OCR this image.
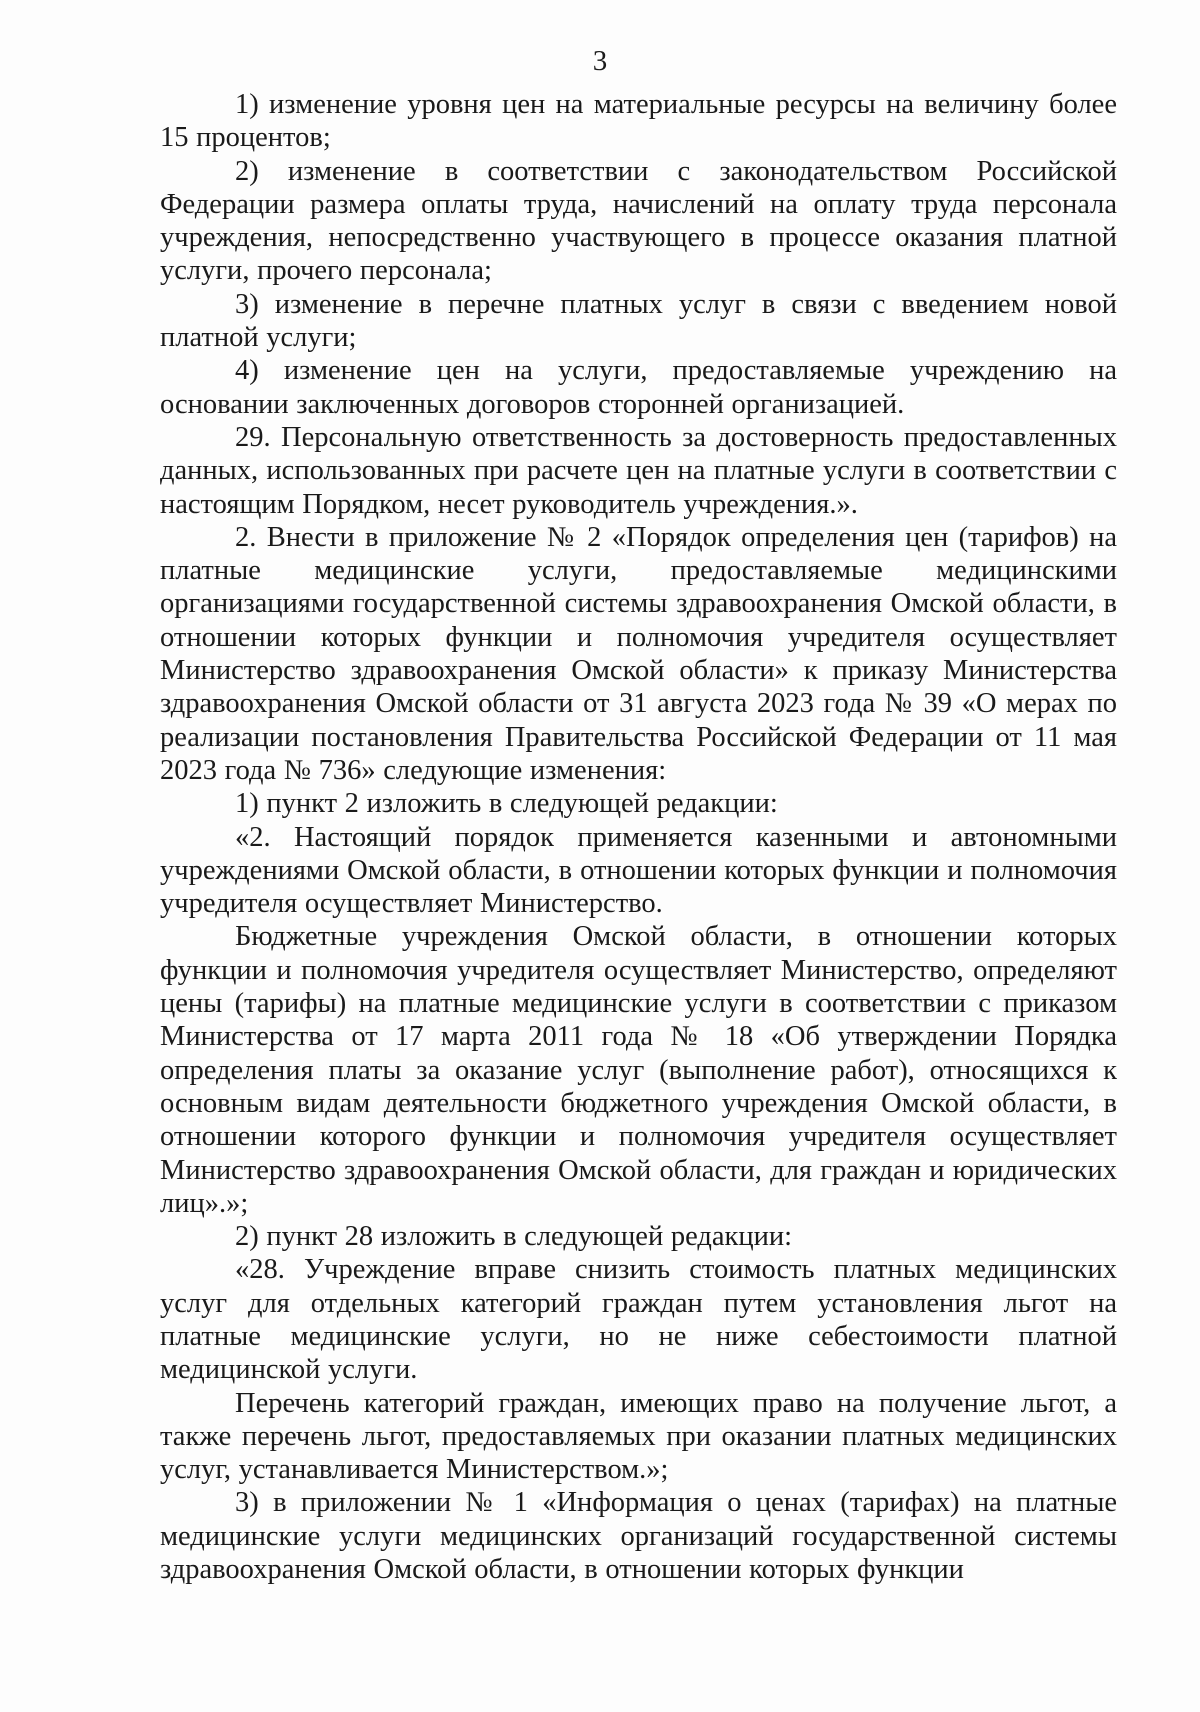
3

1) изменение уровня цен на материальные ресурсы на величину более 15 процентов;

2) изменение в соответствии с законодательством Российской Федерации размера оплаты труда, начислений на оплату труда персонала учреждения, непосредственно участвующего в процессе оказания платной услуги, прочего персонала;

3) изменение в перечне платных услуг в связи с введением новой платной услуги;

4) изменение цен на услуги, предоставляемые учреждению на основании заключенных договоров сторонней организацией.

29. Персональную ответственность за достоверность предоставленных данных, использованных при расчете цен на платные услуги в соответствии с настоящим Порядком, несет руководитель учреждения.».

2. Внести в приложение № 2 «Порядок определения цен (тарифов) на платные медицинские услуги, предоставляемые медицинскими организациями государственной системы здравоохранения Омской области, в отношении которых функции и полномочия учредителя осуществляет Министерство здравоохранения Омской области» к приказу Министерства здравоохранения Омской области от 31 августа 2023 года № 39 «О мерах по реализации постановления Правительства Российской Федерации от 11 мая 2023 года № 736» следующие изменения:

1) пункт 2 изложить в следующей редакции:

«2. Настоящий порядок применяется казенными и автономными учреждениями Омской области, в отношении которых функции и полномочия учредителя осуществляет Министерство.

Бюджетные учреждения Омской области, в отношении которых функции и полномочия учредителя осуществляет Министерство, определяют цены (тарифы) на платные медицинские услуги в соответствии с приказом Министерства от 17 марта 2011 года № 18 «Об утверждении Порядка определения платы за оказание услуг (выполнение работ), относящихся к основным видам деятельности бюджетного учреждения Омской области, в отношении которого функции и полномочия учредителя осуществляет Министерство здравоохранения Омской области, для граждан и юридических лиц».»;

2) пункт 28 изложить в следующей редакции:

«28. Учреждение вправе снизить стоимость платных медицинских услуг для отдельных категорий граждан путем установления льгот на платные медицинские услуги, но не ниже себестоимости платной медицинской услуги.

Перечень категорий граждан, имеющих право на получение льгот, а также перечень льгот, предоставляемых при оказании платных медицинских услуг, устанавливается Министерством.»;

3) в приложении № 1 «Информация о ценах (тарифах) на платные медицинские услуги медицинских организаций государственной системы здравоохранения Омской области, в отношении которых функции
